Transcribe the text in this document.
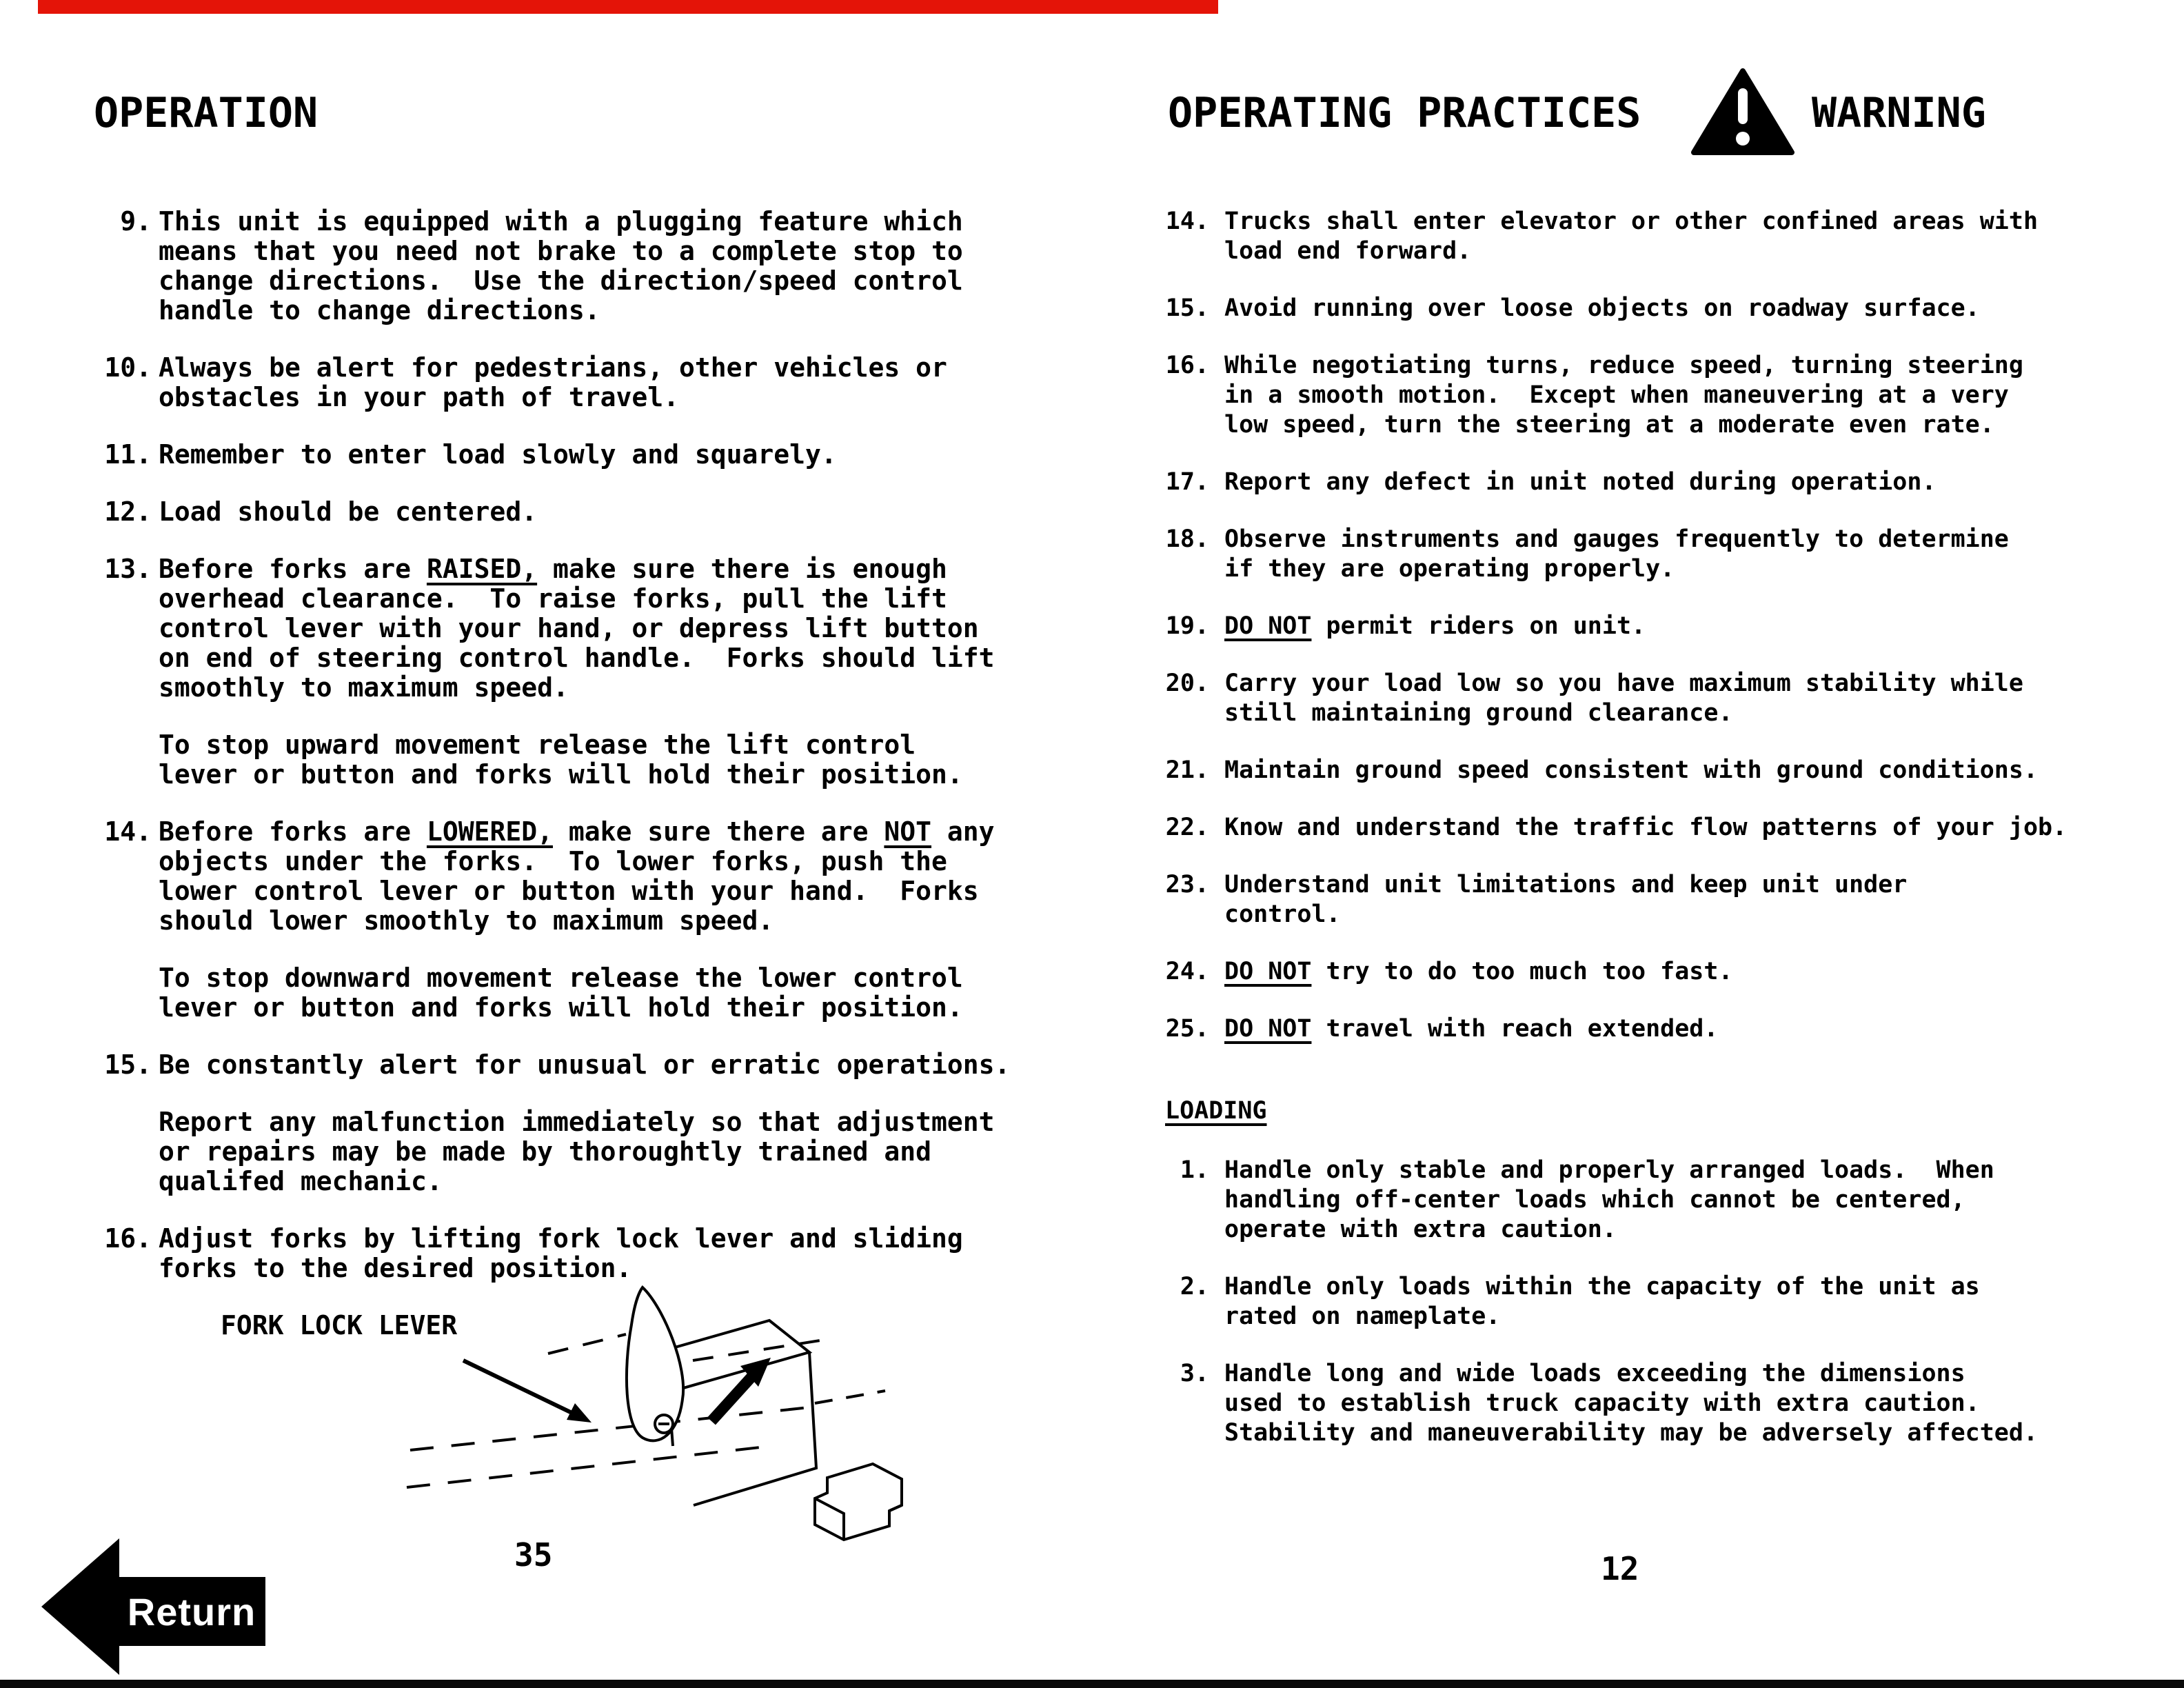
OPERATION
9. This unit is equipped with a plugging feature which
means that you need not brake to a complete stop to
change directions.  Use the direction/speed control
handle to change directions.
10. Always be alert for pedestrians, other vehicles or
obstacles in your path of travel.
11. Remember to enter load slowly and squarely.
12. Load should be centered.
13. Before forks are RAISED, make sure there is enough
overhead clearance.  To raise forks, pull the lift
control lever with your hand, or depress lift button
on end of steering control handle.  Forks should lift
smoothly to maximum speed.
To stop upward movement release the lift control
lever or button and forks will hold their position.
14. Before forks are LOWERED, make sure there are NOT any
objects under the forks.  To lower forks, push the
lower control lever or button with your hand.  Forks
should lower smoothly to maximum speed.
To stop downward movement release the lower control
lever or button and forks will hold their position.
15. Be constantly alert for unusual or erratic operations.
Report any malfunction immediately so that adjustment
or repairs may be made by thoroughtly trained and
qualifed mechanic.
16. Adjust forks by lifting fork lock lever and sliding
forks to the desired position.
FORK LOCK LEVER
35
Return
OPERATING PRACTICES	WARNING
14. Trucks shall enter elevator or other confined areas with
load end forward.
15. Avoid running over loose objects on roadway surface.
16. While negotiating turns, reduce speed, turning steering
in a smooth motion.  Except when maneuvering at a very
low speed, turn the steering at a moderate even rate.
17. Report any defect in unit noted during operation.
18. Observe instruments and gauges frequently to determine
if they are operating properly.
19. DO NOT permit riders on unit.
20. Carry your load low so you have maximum stability while
still maintaining ground clearance.
21. Maintain ground speed consistent with ground conditions.
22. Know and understand the traffic flow patterns of your job.
23. Understand unit limitations and keep unit under
control.
24. DO NOT try to do too much too fast.
25. DO NOT travel with reach extended.
LOADING
1. Handle only stable and properly arranged loads.  When
handling off-center loads which cannot be centered,
operate with extra caution.
2. Handle only loads within the capacity of the unit as
rated on nameplate.
3. Handle long and wide loads exceeding the dimensions
used to establish truck capacity with extra caution.
Stability and maneuverability may be adversely affected.
12
